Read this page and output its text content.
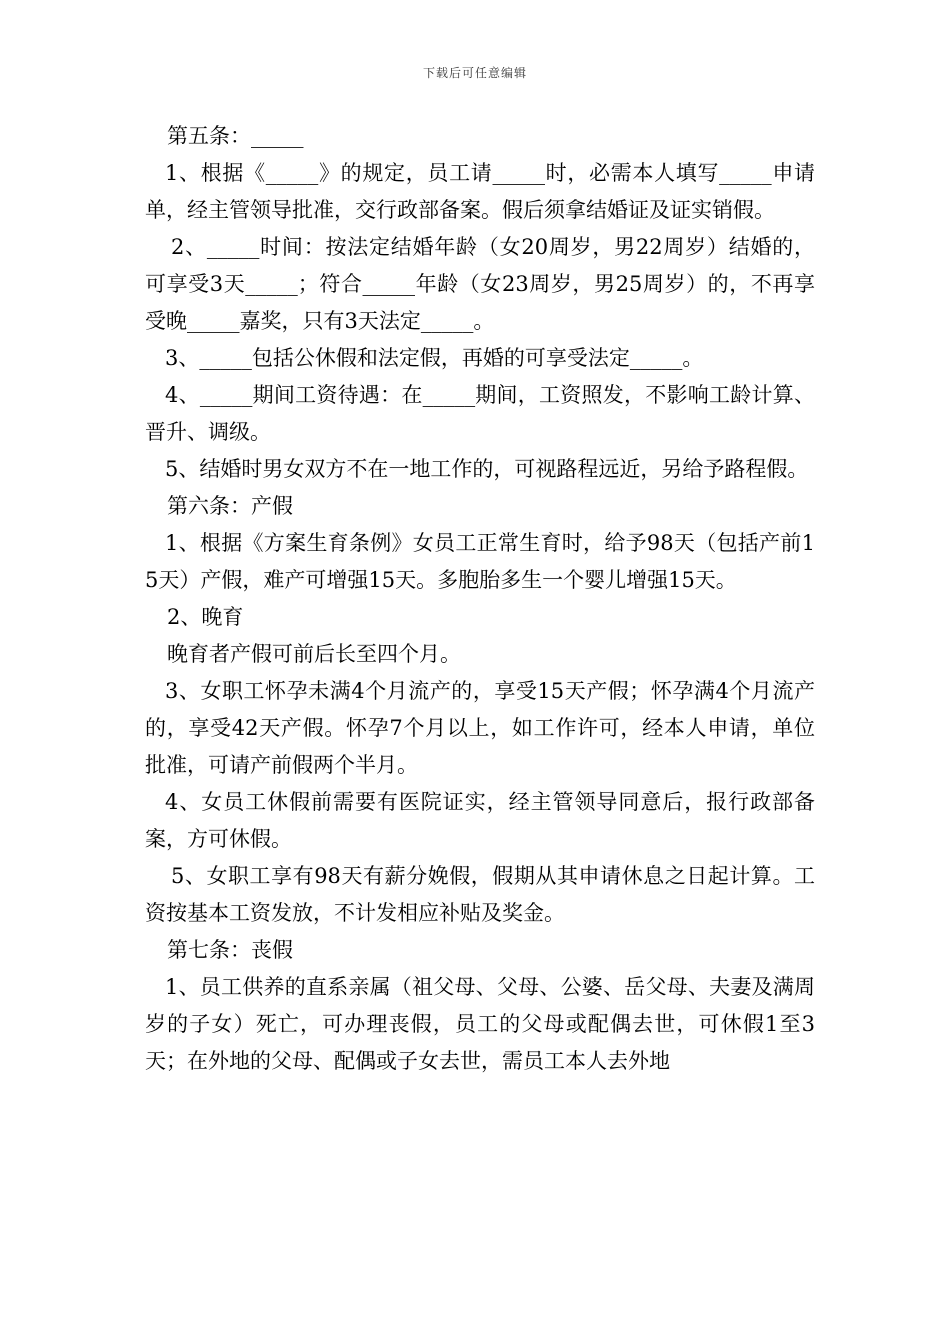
下载后可任意编辑

第五条：_____

1、根据《_____》的规定，员工请_____时，必需本人填写_____申请单，经主管领导批准，交行政部备案。假后须拿结婚证及证实销假。

2、_____时间：按法定结婚年龄（女20周岁，男22周岁）结婚的，可享受3天_____；符合_____年龄（女23周岁，男25周岁）的，不再享受晚_____嘉奖，只有3天法定_____。

3、_____包括公休假和法定假，再婚的可享受法定_____。

4、_____期间工资待遇：在_____期间，工资照发，不影响工龄计算、晋升、调级。

5、结婚时男女双方不在一地工作的，可视路程远近，另给予路程假。

第六条：产假

1、根据《方案生育条例》女员工正常生育时，给予98天（包括产前15天）产假，难产可增强15天。多胞胎多生一个婴儿增强15天。

2、晚育

晚育者产假可前后长至四个月。

3、女职工怀孕未满4个月流产的，享受15天产假；怀孕满4个月流产的，享受42天产假。怀孕7个月以上，如工作许可，经本人申请，单位批准，可请产前假两个半月。

4、女员工休假前需要有医院证实，经主管领导同意后，报行政部备案，方可休假。

5、女职工享有98天有薪分娩假，假期从其申请休息之日起计算。工资按基本工资发放，不计发相应补贴及奖金。

第七条：丧假

1、员工供养的直系亲属（祖父母、父母、公婆、岳父母、夫妻及满周岁的子女）死亡，可办理丧假，员工的父母或配偶去世，可休假1至3天；在外地的父母、配偶或子女去世，需员工本人去外地
